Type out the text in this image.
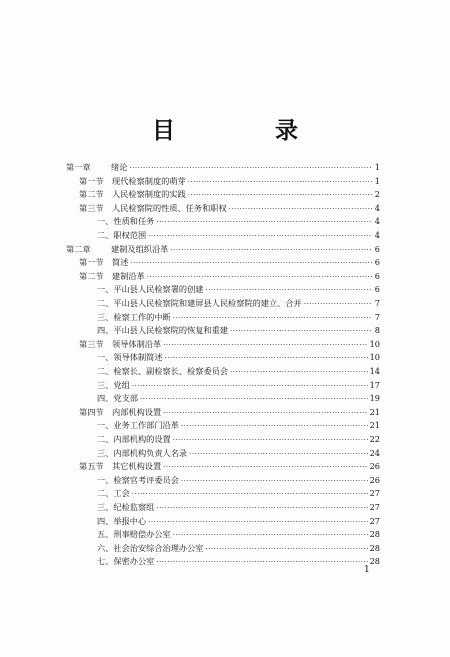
目 录
第一章	绪论 ·····	1
第一节	现代检察制度的萌芽 ·····	1
第二节	人民检察制度的实践 ·····	2
第三节	人民检察院的性质、任务和职权 ·····	4
一、 性质和任务 ·····	4
二、 职权范围 ·····	4
第二章	建制及组织沿革 ·····	6
第一节	简述 ·····	6
第二节	建制沿革 ·····	6
一、 平山县人民检察署的创建 ·····	6
二、 平山县人民检察院和建屏县人民检察院的建立、合并 ·····	7
三、 检察工作的中断 ·····	7
四、 平山县人民检察院的恢复和重建 ·····	8
第三节	领导体制沿革 ·····	10
一、 领导体制简述 ·····	10
二、 检察长、副检察长、检察委员会 ·····	14
三、 党组 ·····	17
四、 党支部 ·····	19
第四节	内部机构设置 ·····	21
一、 业务工作部门沿革 ·····	21
二、 内部机构的设置 ·····	22
三、 内部机构负责人名录 ·····	24
第五节	其它机构设置 ·····	26
一、 检察官考评委员会 ·····	26
二、 工会 ·····	27
三、 纪检监察组 ·····	27
四、 举报中心 ·····	27
五、 刑事赔偿办公室 ·····	28
六、 社会治安综合治理办公室 ·····	28
七、 保密办公室 ·····	28
1
